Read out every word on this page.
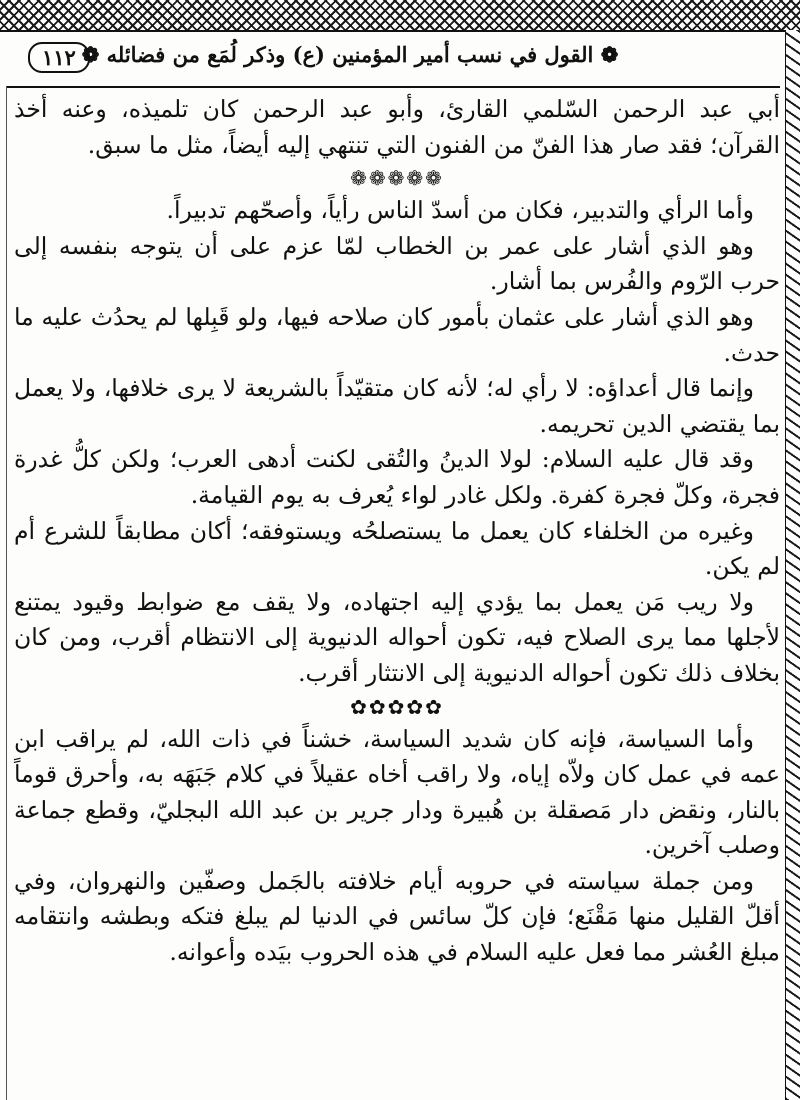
❁ القول في نسب أمير المؤمنين (ع) وذكر لُمَع من فضائله ❁
١١٢

أبي عبد الرحمن السّلمي القارئ، وأبو عبد الرحمن كان تلميذه، وعنه أخذ القرآن؛ فقد صار هذا الفنّ من الفنون التي تنتهي إليه أيضاً، مثل ما سبق.

❁❁❁❁❁

وأما الرأي والتدبير، فكان من أسدّ الناس رأياً، وأصحّهم تدبيراً.

وهو الذي أشار على عمر بن الخطاب لمّا عزم على أن يتوجه بنفسه إلى حرب الرّوم والفُرس بما أشار.

وهو الذي أشار على عثمان بأمور كان صلاحه فيها، ولو قَبِلها لم يحدُث عليه ما حدث.

وإنما قال أعداؤه: لا رأي له؛ لأنه كان متقيّداً بالشريعة لا يرى خلافها، ولا يعمل بما يقتضي الدين تحريمه.

وقد قال عليه السلام: لولا الدينُ والتُقى لكنت أدهى العرب؛ ولكن كلُّ غدرة فجرة، وكلّ فجرة كفرة. ولكل غادر لواء يُعرف به يوم القيامة.

وغيره من الخلفاء كان يعمل ما يستصلحُه ويستوفقه؛ أكان مطابقاً للشرع أم لم يكن.

ولا ريب مَن يعمل بما يؤدي إليه اجتهاده، ولا يقف مع ضوابط وقيود يمتنع لأجلها مما يرى الصلاح فيه، تكون أحواله الدنيوية إلى الانتظام أقرب، ومن كان بخلاف ذلك تكون أحواله الدنيوية إلى الانتثار أقرب.

✿✿✿✿✿

وأما السياسة، فإنه كان شديد السياسة، خشناً في ذات الله، لم يراقب ابن عمه في عمل كان ولاّه إياه، ولا راقب أخاه عقيلاً في كلام جَبَهَه به، وأحرق قوماً بالنار، ونقض دار مَصقلة بن هُبيرة ودار جرير بن عبد الله البجليّ، وقطع جماعة وصلب آخرين.

ومن جملة سياسته في حروبه أيام خلافته بالجَمل وصفّين والنهروان، وفي أقلّ القليل منها مَقْنَع؛ فإن كلّ سائس في الدنيا لم يبلغ فتكه وبطشه وانتقامه مبلغ العُشر مما فعل عليه السلام في هذه الحروب بيَده وأعوانه.
